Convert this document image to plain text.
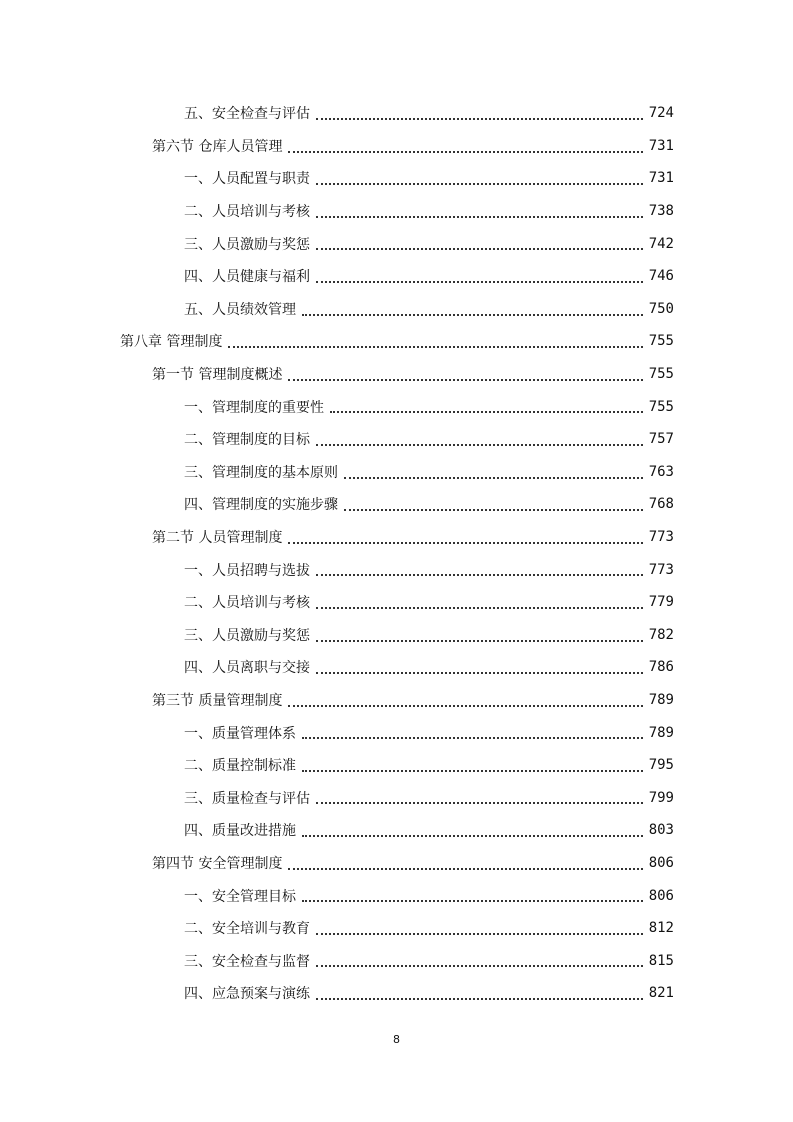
五、安全检查与评估	724
第六节 仓库人员管理	731
一、人员配置与职责	731
二、人员培训与考核	738
三、人员激励与奖惩	742
四、人员健康与福利	746
五、人员绩效管理	750
第八章 管理制度	755
第一节 管理制度概述	755
一、管理制度的重要性	755
二、管理制度的目标	757
三、管理制度的基本原则	763
四、管理制度的实施步骤	768
第二节 人员管理制度	773
一、人员招聘与选拔	773
二、人员培训与考核	779
三、人员激励与奖惩	782
四、人员离职与交接	786
第三节 质量管理制度	789
一、质量管理体系	789
二、质量控制标准	795
三、质量检查与评估	799
四、质量改进措施	803
第四节 安全管理制度	806
一、安全管理目标	806
二、安全培训与教育	812
三、安全检查与监督	815
四、应急预案与演练	821
8
